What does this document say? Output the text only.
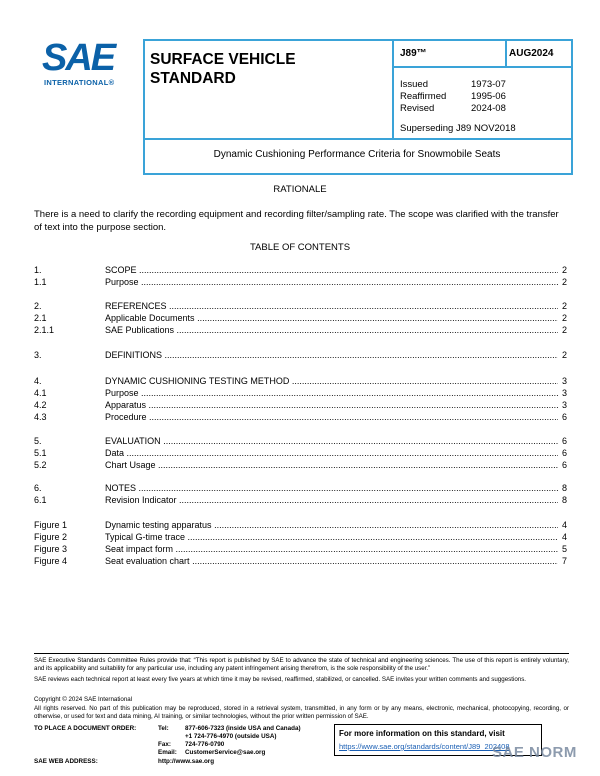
SAE
INTERNATIONAL®
SURFACE VEHICLE STANDARD
J89™	AUG2024
Issued	1973-07
Reaffirmed	1995-06
Revised	2024-08
Superseding J89 NOV2018
Dynamic Cushioning Performance Criteria for Snowmobile Seats
RATIONALE
There is a need to clarify the recording equipment and recording filter/sampling rate. The scope was clarified with the transfer of text into the purpose section.
TABLE OF CONTENTS
1.	SCOPE .....	2
1.1	Purpose .....	2
2.	REFERENCES .....	2
2.1	Applicable Documents .....	2
2.1.1	SAE Publications .....	2
3.	DEFINITIONS .....	2
4.	DYNAMIC CUSHIONING TESTING METHOD .....	3
4.1	Purpose .....	3
4.2	Apparatus .....	3
4.3	Procedure .....	6
5.	EVALUATION .....	6
5.1	Data .....	6
5.2	Chart Usage .....	6
6.	NOTES .....	8
6.1	Revision Indicator .....	8
Figure 1	Dynamic testing apparatus .....	4
Figure 2	Typical G-time trace .....	4
Figure 3	Seat impact form .....	5
Figure 4	Seat evaluation chart .....	7
SAE Executive Standards Committee Rules provide that: “This report is published by SAE to advance the state of technical and engineering sciences. The use of this report is entirely voluntary, and its applicability and suitability for any particular use, including any patent infringement arising therefrom, is the sole responsibility of the user.”
SAE reviews each technical report at least every five years at which time it may be revised, reaffirmed, stabilized, or cancelled. SAE invites your written comments and suggestions.
Copyright © 2024 SAE International
All rights reserved. No part of this publication may be reproduced, stored in a retrieval system, transmitted, in any form or by any means, electronic, mechanical, photocopying, recording, or otherwise, or used for text and data mining, AI training, or similar technologies, without the prior written permission of SAE.
TO PLACE A DOCUMENT ORDER:	Tel:	877-606-7323 (inside USA and Canada)
+1 724-776-4970 (outside USA)
Fax: 724-776-0790
Email: CustomerService@sae.org
SAE WEB ADDRESS:	http://www.sae.org
For more information on this standard, visit
https://www.sae.org/standards/content/J89_202408
SAE NORM
